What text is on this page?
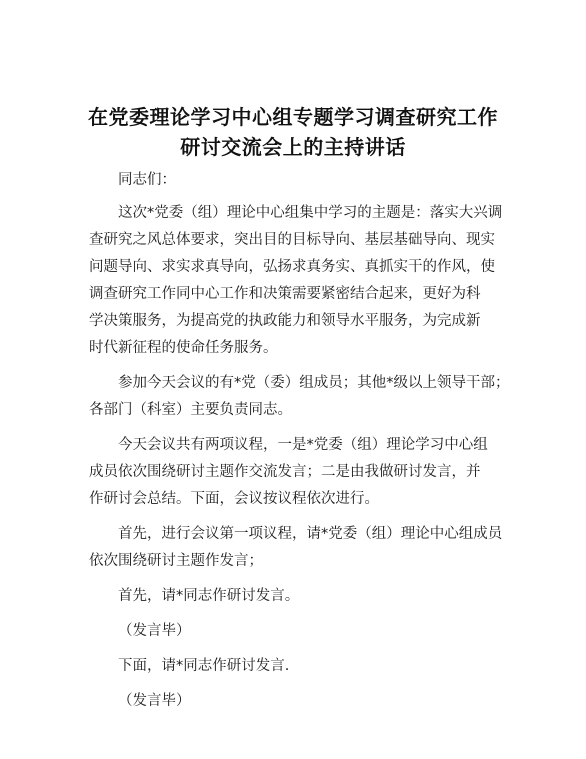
在党委理论学习中心组专题学习调查研究工作
研讨交流会上的主持讲话
同志们：
这次*党委（组）理论中心组集中学习的主题是：落实大兴调
查研究之风总体要求，突出目的目标导向、基层基础导向、现实
问题导向、求实求真导向，弘扬求真务实、真抓实干的作风，使
调查研究工作同中心工作和决策需要紧密结合起来，更好为科
学决策服务，为提高党的执政能力和领导水平服务，为完成新
时代新征程的使命任务服务。
参加今天会议的有*党（委）组成员；其他*级以上领导干部；
各部门（科室）主要负责同志。
今天会议共有两项议程，一是*党委（组）理论学习中心组
成员依次围绕研讨主题作交流发言；二是由我做研讨发言，并
作研讨会总结。下面，会议按议程依次进行。
首先，进行会议第一项议程，请*党委（组）理论中心组成员
依次围绕研讨主题作发言；
首先，请*同志作研讨发言。
（发言毕）
下面，请*同志作研讨发言.
（发言毕）
